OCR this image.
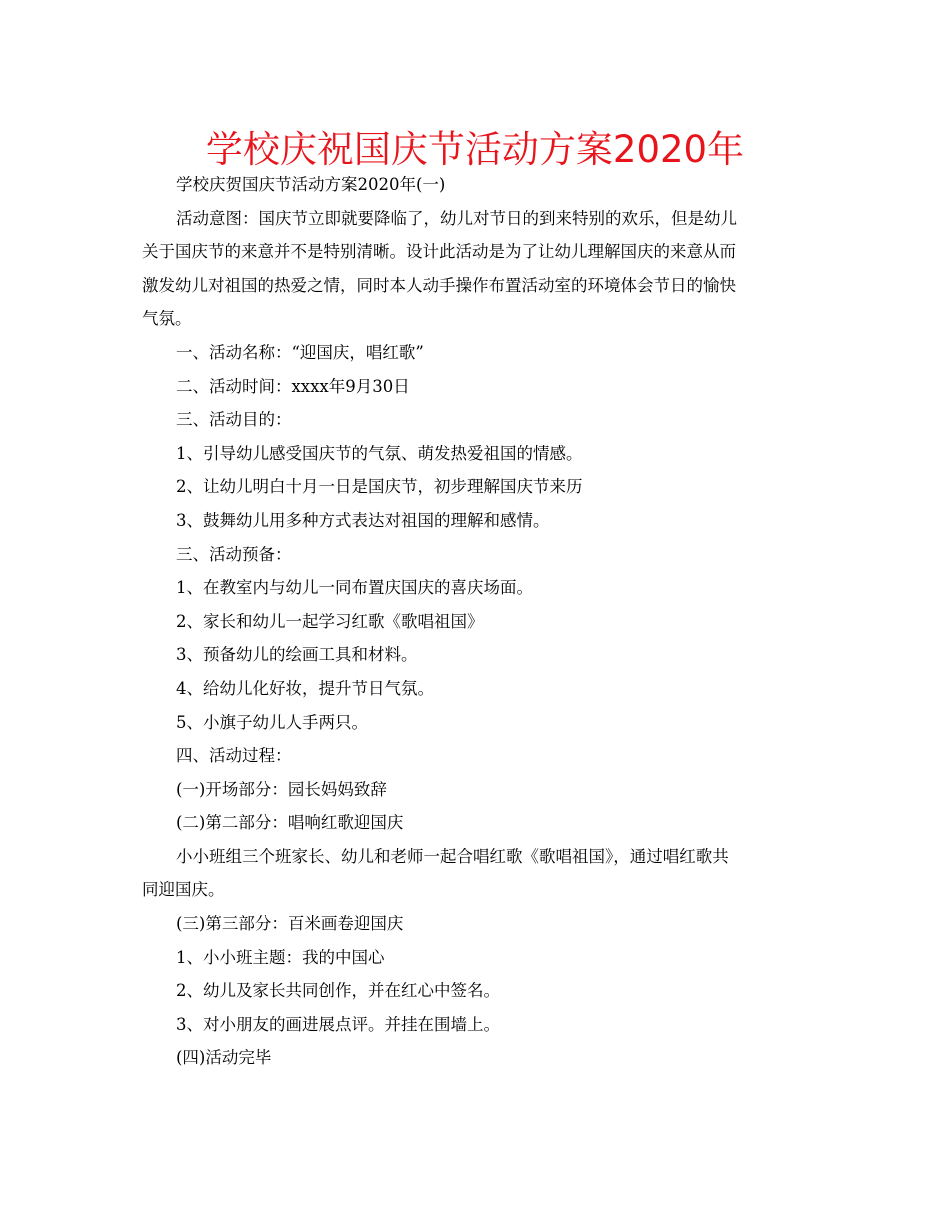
学校庆祝国庆节活动方案2020年

学校庆贺国庆节活动方案2020年(一)

活动意图：国庆节立即就要降临了，幼儿对节日的到来特别的欢乐，但是幼儿
关于国庆节的来意并不是特别清晰。设计此活动是为了让幼儿理解国庆的来意从而
激发幼儿对祖国的热爱之情，同时本人动手操作布置活动室的环境体会节日的愉快
气氛。

一、活动名称：“迎国庆，唱红歌”

二、活动时间：xxxx年9月30日

三、活动目的：

1、引导幼儿感受国庆节的气氛、萌发热爱祖国的情感。

2、让幼儿明白十月一日是国庆节，初步理解国庆节来历

3、鼓舞幼儿用多种方式表达对祖国的理解和感情。

三、活动预备：

1、在教室内与幼儿一同布置庆国庆的喜庆场面。

2、家长和幼儿一起学习红歌《歌唱祖国》

3、预备幼儿的绘画工具和材料。

4、给幼儿化好妆，提升节日气氛。

5、小旗子幼儿人手两只。

四、活动过程：

(一)开场部分：园长妈妈致辞

(二)第二部分：唱响红歌迎国庆

小小班组三个班家长、幼儿和老师一起合唱红歌《歌唱祖国》，通过唱红歌共
同迎国庆。

(三)第三部分：百米画卷迎国庆

1、小小班主题：我的中国心

2、幼儿及家长共同创作，并在红心中签名。

3、对小朋友的画进展点评。并挂在围墙上。

(四)活动完毕
